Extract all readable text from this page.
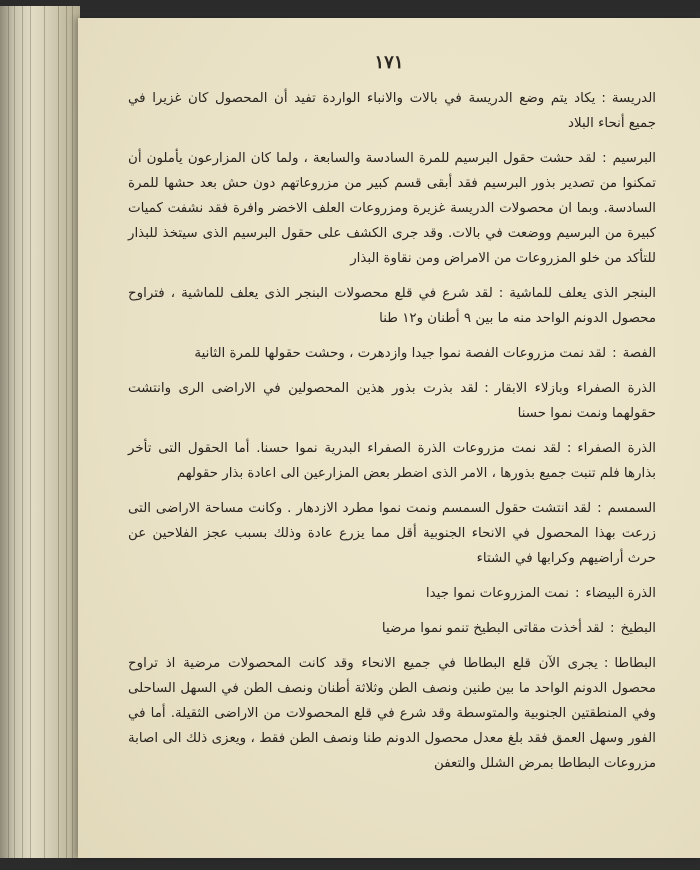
١٧١

الدريسة:يكاد يتم وضع الدريسة في بالات والانباء الواردة تفيد أن المحصول كان غزيرا في جميع أنحاء البلاد

البرسيم:لقد حشت حقول البرسيم للمرة السادسة والسابعة ، ولما كان المزارعون يأملون أن تمكنوا من تصدير بذور البرسيم فقد أبقى قسم كبير من مزروعاتهم دون حش بعد حشها للمرة السادسة. وبما ان محصولات الدريسة غزيرة ومزروعات العلف الاخضر وافرة فقد نشفت كميات كبيرة من البرسيم ووضعت في بالات. وقد جرى الكشف على حقول البرسيم الذى سيتخذ للبذار للتأكد من خلو المزروعات من الامراض ومن نقاوة البذار

البنجر الذى يعلف للماشية:لقد شرع في قلع محصولات البنجر الذى يعلف للماشية ، فتراوح محصول الدونم الواحد منه ما بين ٩ أطنان و١٢ طنا

الفصة:لقد نمت مزروعات الفصة نموا جيدا وازدهرت ، وحشت حقولها للمرة الثانية

الذرة الصفراء وبازلاء الابقار:لقد بذرت بذور هذين المحصولين في الاراضى الرى وانتشت حقولهما ونمت نموا حسنا

الذرة الصفراء:لقد نمت مزروعات الذرة الصفراء البدرية نموا حسنا. أما الحقول التى تأخر بذارها فلم تنبت جميع بذورها ، الامر الذى اضطر بعض المزارعين الى اعادة بذار حقولهم

السمسم:لقد انتشت حقول السمسم ونمت نموا مطرد الازدهار . وكانت مساحة الاراضى التى زرعت بهذا المحصول في الانحاء الجنوبية أقل مما يزرع عادة وذلك بسبب عجز الفلاحين عن حرث أراضيهم وكرابها في الشتاء

الذرة البيضاء:نمت المزروعات نموا جيدا

البطيخ:لقد أخذت مقاتى البطيخ تنمو نموا مرضيا

البطاطا:يجرى الآن قلع البطاطا في جميع الانحاء وقد كانت المحصولات مرضية اذ تراوح محصول الدونم الواحد ما بين طنين ونصف الطن وثلاثة أطنان ونصف الطن في السهل الساحلى وفي المنطقتين الجنوبية والمتوسطة وقد شرع في قلع المحصولات من الاراضى الثقيلة. أما في الفور وسهل العمق فقد بلغ معدل محصول الدونم طنا ونصف الطن فقط ، ويعزى ذلك الى اصابة مزروعات البطاطا بمرض الشلل والتعفن
